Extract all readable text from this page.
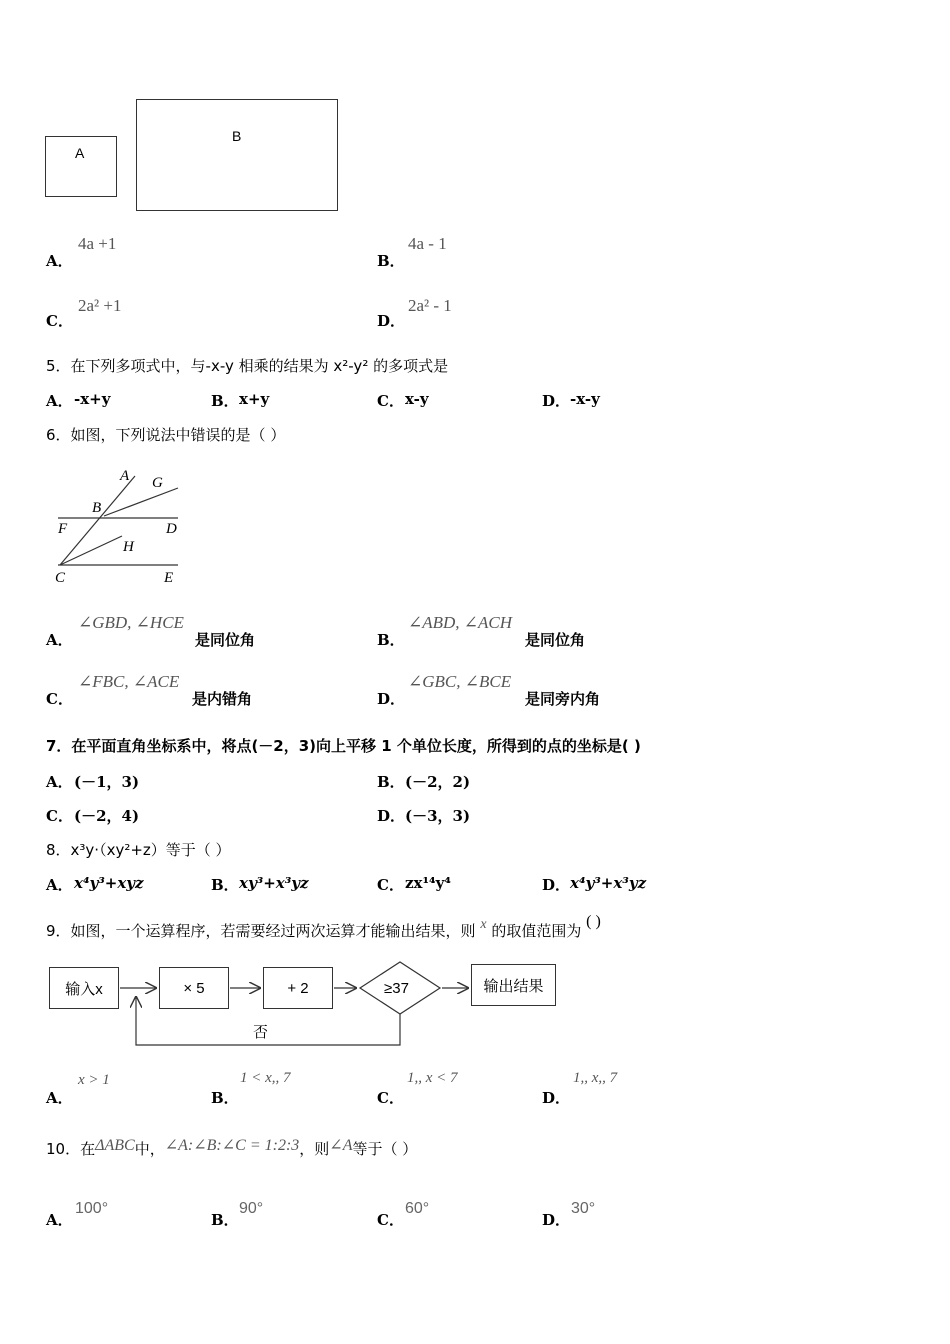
A
B
A．
4a +1
B．
4a - 1
C．
2a² +1
D．
2a² - 1
5．在下列多项式中，与-x-y 相乘的结果为 x²-y² 的多项式是
A． -x+y	B． x+y	C． x-y	D． -x-y
6．如图，下列说法中错误的是（ ）
A G
B
F	D
H
C	E
A．
∠GBD, ∠HCE
是同位角	B．
∠ABD, ∠ACH
是同位角
C．
∠FBC, ∠ACE
是内错角	D．
∠GBC, ∠BCE
是同旁内角
7．在平面直角坐标系中，将点(－2，3)向上平移 1 个单位长度，所得到的点的坐标是( )
A． (－1，3)	B． (－2，2)
C． (－2，4)	D． (－3，3)
8．x³y·（xy²+z）等于（ ）
A． x⁴y³+xyz	B． xy³+x³yz	C． zx¹⁴y⁴	D． x⁴y³+x³yz
9．如图，一个运算程序，若需要经过两次运算才能输出结果，则 x 的取值范围为 ( )
输入x	× 5	+ 2	≥37
否
输出结果
A．
x > 1
B．
1 < x,, 7
C．
1,, x < 7
D．
1,, x,, 7
10．在ΔABC中，∠A:∠B:∠C = 1:2:3，则∠A等于（ ）
A．
100°
B．
90°
C．
60°
D．
30°
